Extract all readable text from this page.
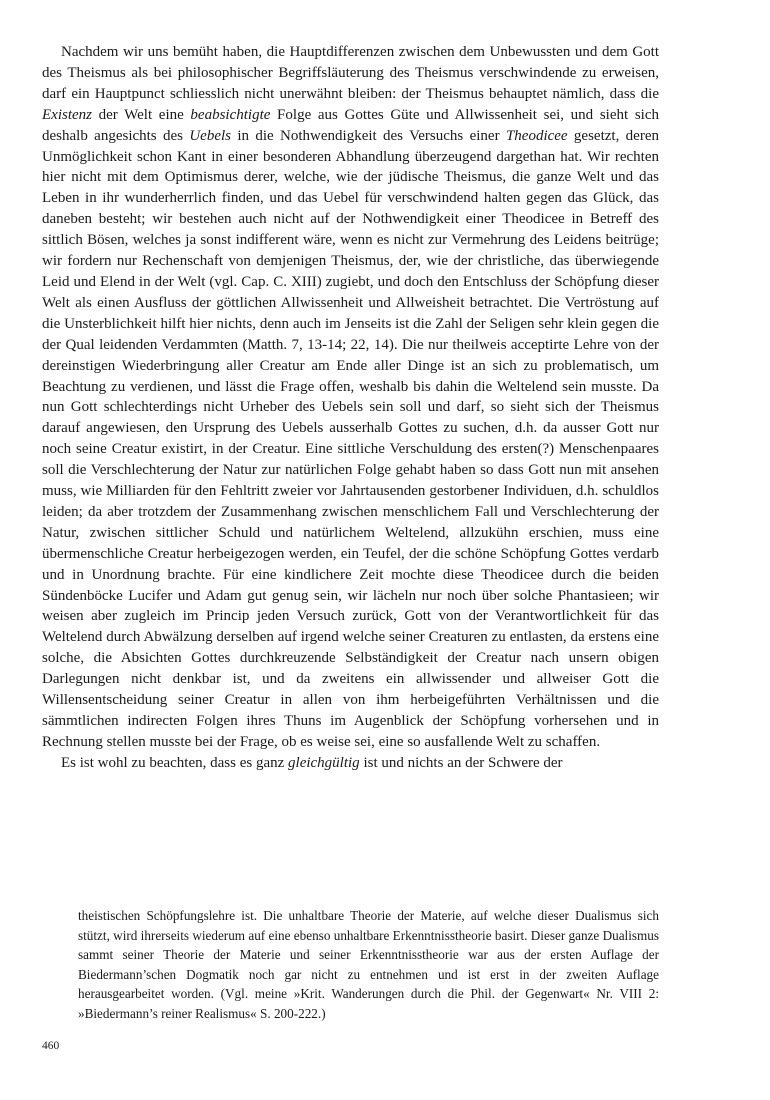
Nachdem wir uns bemüht haben, die Hauptdifferenzen zwischen dem Unbewussten und dem Gott des Theismus als bei philosophischer Begriffsläuterung des Theismus verschwindende zu erweisen, darf ein Hauptpunct schliesslich nicht unerwähnt bleiben: der Theismus behauptet nämlich, dass die Existenz der Welt eine beabsichtigte Folge aus Gottes Güte und Allwissenheit sei, und sieht sich deshalb angesichts des Uebels in die Nothwendigkeit des Versuchs einer Theodicee gesetzt, deren Unmöglichkeit schon Kant in einer besonderen Abhandlung überzeugend dargethan hat. Wir rechten hier nicht mit dem Optimismus derer, welche, wie der jüdische Theismus, die ganze Welt und das Leben in ihr wunderherrlich finden, und das Uebel für verschwindend halten gegen das Glück, das daneben besteht; wir bestehen auch nicht auf der Nothwendigkeit einer Theodicee in Betreff des sittlich Bösen, welches ja sonst indifferent wäre, wenn es nicht zur Vermehrung des Leidens beitrüge; wir fordern nur Rechenschaft von demjenigen Theismus, der, wie der christliche, das überwiegende Leid und Elend in der Welt (vgl. Cap. C. XIII) zugiebt, und doch den Entschluss der Schöpfung dieser Welt als einen Ausfluss der göttlichen Allwissenheit und Allweisheit betrachtet. Die Vertröstung auf die Unsterblichkeit hilft hier nichts, denn auch im Jenseits ist die Zahl der Seligen sehr klein gegen die der Qual leidenden Verdammten (Matth. 7, 13-14; 22, 14). Die nur theilweis acceptirte Lehre von der dereinstigen Wiederbringung aller Creatur am Ende aller Dinge ist an sich zu problematisch, um Beachtung zu verdienen, und lässt die Frage offen, weshalb bis dahin die Weltelend sein musste. Da nun Gott schlechterdings nicht Urheber des Uebels sein soll und darf, so sieht sich der Theismus darauf angewiesen, den Ursprung des Uebels ausserhalb Gottes zu suchen, d.h. da ausser Gott nur noch seine Creatur existirt, in der Creatur. Eine sittliche Verschuldung des ersten(?) Menschenpaares soll die Verschlechterung der Natur zur natürlichen Folge gehabt haben so dass Gott nun mit ansehen muss, wie Milliarden für den Fehltritt zweier vor Jahrtausenden gestorbener Individuen, d.h. schuldlos leiden; da aber trotzdem der Zusammenhang zwischen menschlichem Fall und Verschlechterung der Natur, zwischen sittlicher Schuld und natürlichem Weltelend, allzukühn erschien, muss eine übermenschliche Creatur herbeigezogen werden, ein Teufel, der die schöne Schöpfung Gottes verdarb und in Unordnung brachte. Für eine kindlichere Zeit mochte diese Theodicee durch die beiden Sündenböcke Lucifer und Adam gut genug sein, wir lächeln nur noch über solche Phantasieen; wir weisen aber zugleich im Princip jeden Versuch zurück, Gott von der Verantwortlichkeit für das Weltelend durch Abwälzung derselben auf irgend welche seiner Creaturen zu entlasten, da erstens eine solche, die Absichten Gottes durchkreuzende Selbständigkeit der Creatur nach unsern obigen Darlegungen nicht denkbar ist, und da zweitens ein allwissender und allweiser Gott die Willensentscheidung seiner Creatur in allen von ihm herbeigeführten Verhältnissen und die sämmtlichen indirecten Folgen ihres Thuns im Augenblick der Schöpfung vorhersehen und in Rechnung stellen musste bei der Frage, ob es weise sei, eine so ausfallende Welt zu schaffen.

Es ist wohl zu beachten, dass es ganz gleichgültig ist und nichts an der Schwere der

theistischen Schöpfungslehre ist. Die unhaltbare Theorie der Materie, auf welche dieser Dualismus sich stützt, wird ihrerseits wiederum auf eine ebenso unhaltbare Erkenntnisstheorie basirt. Dieser ganze Dualismus sammt seiner Theorie der Materie und seiner Erkenntnisstheorie war aus der ersten Auflage der Biedermann’schen Dogmatik noch gar nicht zu entnehmen und ist erst in der zweiten Auflage herausgearbeitet worden. (Vgl. meine »Krit. Wanderungen durch die Phil. der Gegenwart« Nr. VIII 2: »Biedermann’s reiner Realismus« S. 200-222.)

460
